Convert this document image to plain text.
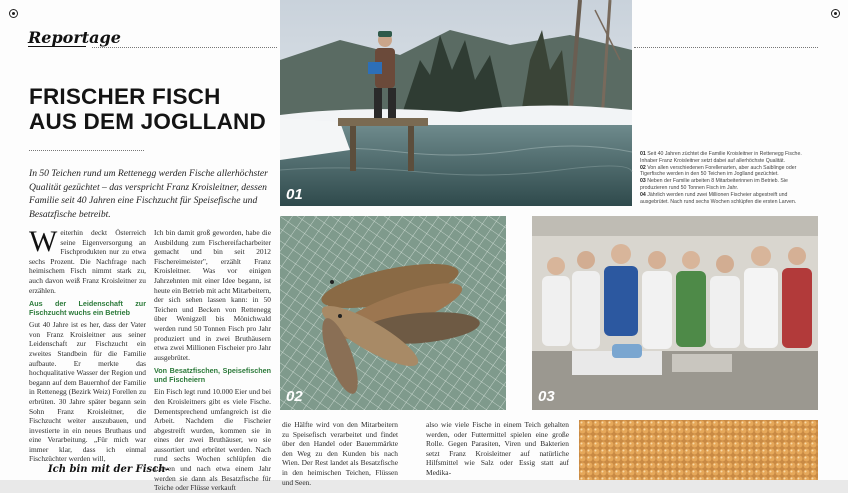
Reportage
FRISCHER FISCH
AUS DEM JOGLLAND
In 50 Teichen rund um Rettenegg werden Fische allerhöchster Qualität gezüchtet – das verspricht Franz Kroisleitner, dessen Familie seit 40 Jahren eine Fischzucht für Speisefische und Besatzfische betreibt.

Weiterhin deckt Österreich seine Eigenversorgung an Fischprodukten nur zu etwa sechs Prozent. Die Nachfrage nach heimischem Fisch nimmt stark zu, auch davon weiß Franz Kroisleitner zu erzählen.

Aus der Leidenschaft zur Fischzucht wuchs ein Betrieb

Gut 40 Jahre ist es her, dass der Vater von Franz Kroisleitner aus seiner Leidenschaft zur Fischzucht ein zweites Standbein für die Familie aufbaute. Er merkte das hochqualitative Wasser der Region und begann auf dem Bauernhof der Familie in Rettenegg (Bezirk Weiz) Forellen zu erbrüten. 30 Jahre später begann sein Sohn Franz Kroisleitner, die Fischzucht weiter auszubauen, und investierte in ein neues Bruthaus und eine Verarbeitung. „Für mich war immer klar, dass ich einmal Fischzüchter werden will,

Ich bin mit der Fisch-

Ich bin damit groß geworden, habe die Ausbildung zum Fischereifacharbeiter gemacht und bin seit 2012 Fischereimeister", erzählt Franz Kroisleitner. Was vor einigen Jahrzehnten mit einer Idee begann, ist heute ein Betrieb mit acht Mitarbeitern, der sich sehen lassen kann: in 50 Teichen und Becken von Rettenegg über Wenigzell bis Mönichwald werden rund 50 Tonnen Fisch pro Jahr produziert und in zwei Bruthäusern etwa zwei Millionen Fischeier pro Jahr ausgebrütet.

Von Besatzfischen, Speisefischen und Fischeiern

Ein Fisch legt rund 10.000 Eier und bei den Kroisleitners gibt es viele Fische. Dementsprechend umfangreich ist die Arbeit. Nachdem die Fischeier abgestreift wurden, kommen sie in eines der zwei Bruthäuser, wo sie aussortiert und erbrütet werden. Nach rund sechs Wochen schlüpfen die Larven und nach etwa einem Jahr werden sie dann als Besatzfische für Teiche oder Flüsse verkauft

die Hälfte wird von den Mitarbeitern zu Speisefisch verarbeitet und findet über den Handel oder Bauernmärkte den Weg zu den Kunden bis nach Wien. Der Rest landet als Besatzfische in den heimischen Teichen, Flüssen und Seen.

also wie viele Fische in einem Teich gehalten werden, oder Futtermittel spielen eine große Rolle. Gegen Parasiten, Viren und Bakterien setzt Franz Kroisleitner auf natürliche Hilfsmittel wie Salz oder Essig statt auf Medika-

01
01 Seit 40 Jahren züchtet die Familie Kroisleitner in Rettenegg Fische. Inhaber Franz Kroisleitner setzt dabei auf allerhöchste Qualität.
02 Von allen verschiedenen Forellenarten, aber auch Saiblinge oder Tigerfische werden in den 50 Teichen im Joglland gezüchtet.
03 Neben der Familie arbeiten 8 Mitarbeiterinnen im Betrieb. Sie produzieren rund 50 Tonnen Fisch im Jahr.
04 Jährlich werden rund zwei Millionen Fischeier abgestreift und ausgebrütet. Nach rund sechs Wochen schlüpfen die ersten Larven.
02	03
